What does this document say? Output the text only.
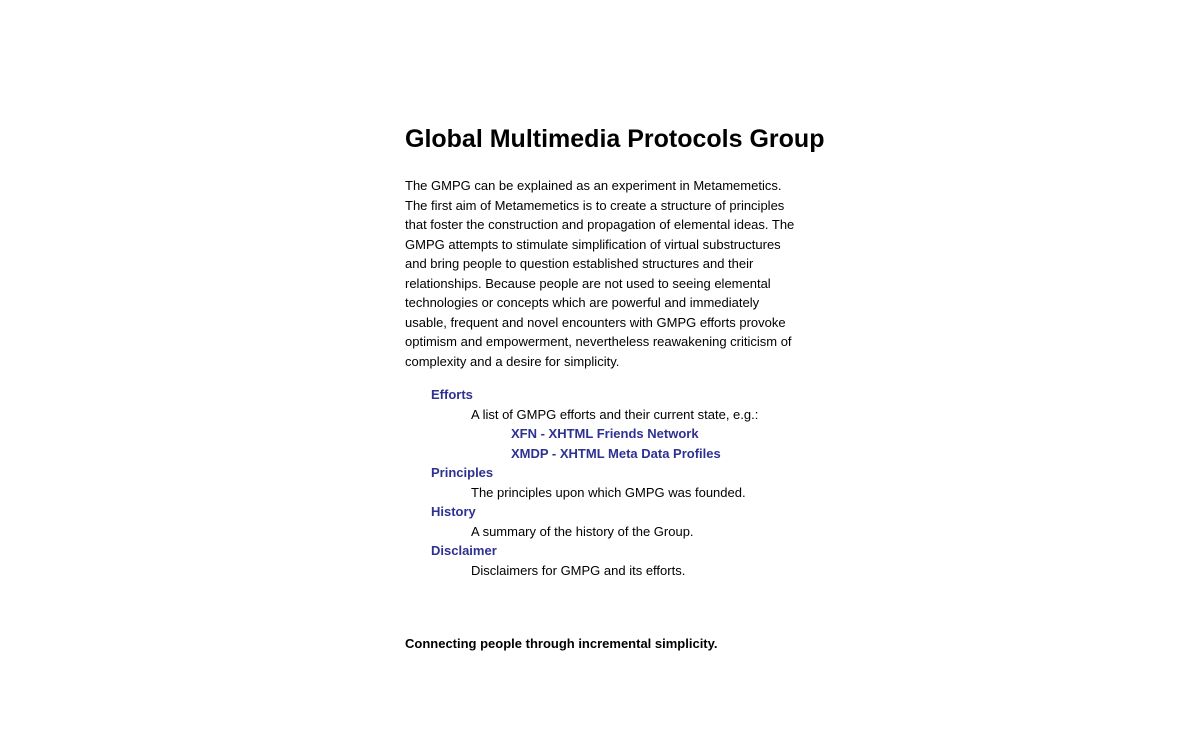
Global Multimedia Protocols Group

The GMPG can be explained as an experiment in Metamemetics. The first aim of Metamemetics is to create a structure of principles that foster the construction and propagation of elemental ideas. The GMPG attempts to stimulate simplification of virtual substructures and bring people to question established structures and their relationships. Because people are not used to seeing elemental technologies or concepts which are powerful and immediately usable, frequent and novel encounters with GMPG efforts provoke optimism and empowerment, nevertheless reawakening criticism of complexity and a desire for simplicity.

Efforts
A list of GMPG efforts and their current state, e.g.:
XFN - XHTML Friends Network
XMDP - XHTML Meta Data Profiles
Principles
The principles upon which GMPG was founded.
History
A summary of the history of the Group.
Disclaimer
Disclaimers for GMPG and its efforts.

Connecting people through incremental simplicity.
